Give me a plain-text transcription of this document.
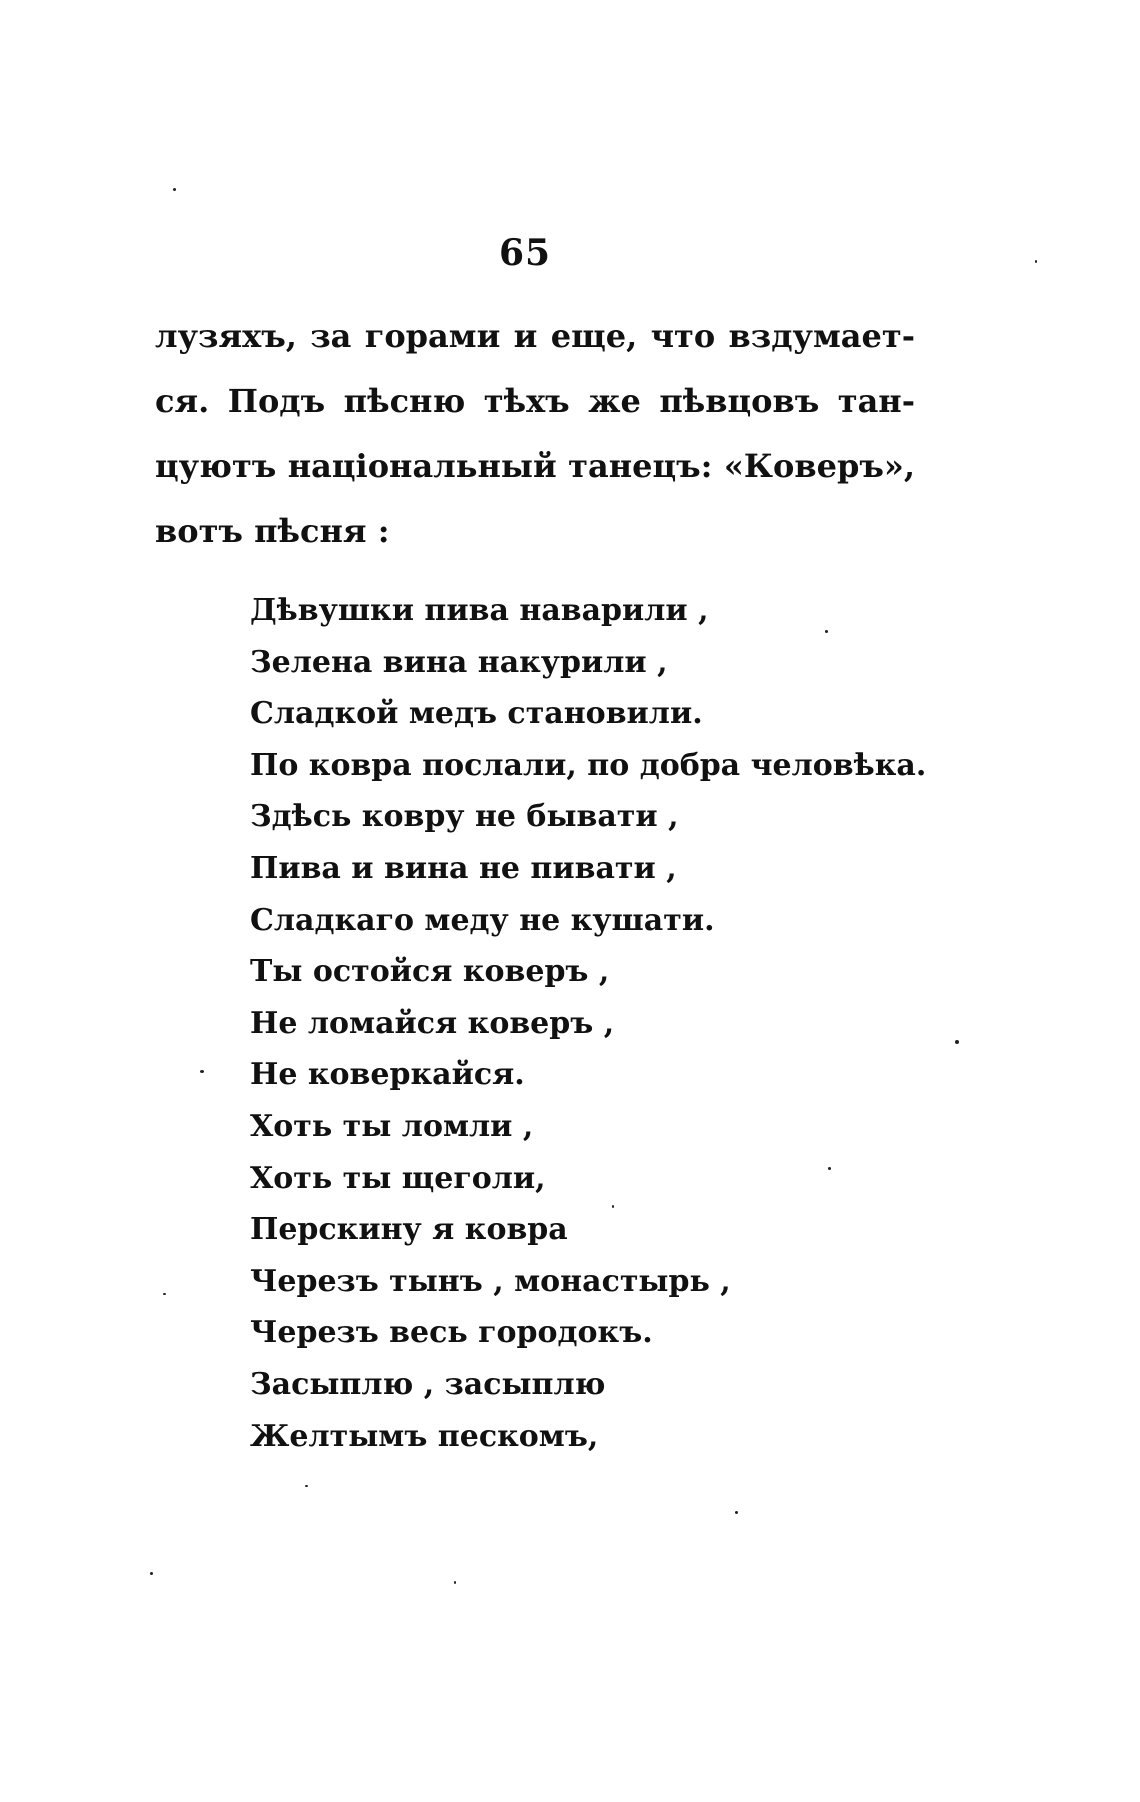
65

лузяхъ, за горами и еще, что вздумает-
ся. Подъ пѣсню тѣхъ же пѣвцовъ тан-
цуютъ національный танецъ: «Коверъ»,
вотъ пѣсня :

Дѣвушки пива наварили ,
Зелена вина накурили ,
Сладкой медъ становили.
По ковра послали, по добра человѣка.
Здѣсь ковру не бывати ,
Пива и вина не пивати ,
Сладкаго меду не кушати.
Ты остойся коверъ ,
Не ломайся коверъ ,
Не коверкайся.
Хоть ты ломли ,
Хоть ты щеголи,
Перскину я ковра
Черезъ тынъ , монастырь ,
Черезъ весь городокъ.
Засыплю , засыплю
Желтымъ пескомъ,
